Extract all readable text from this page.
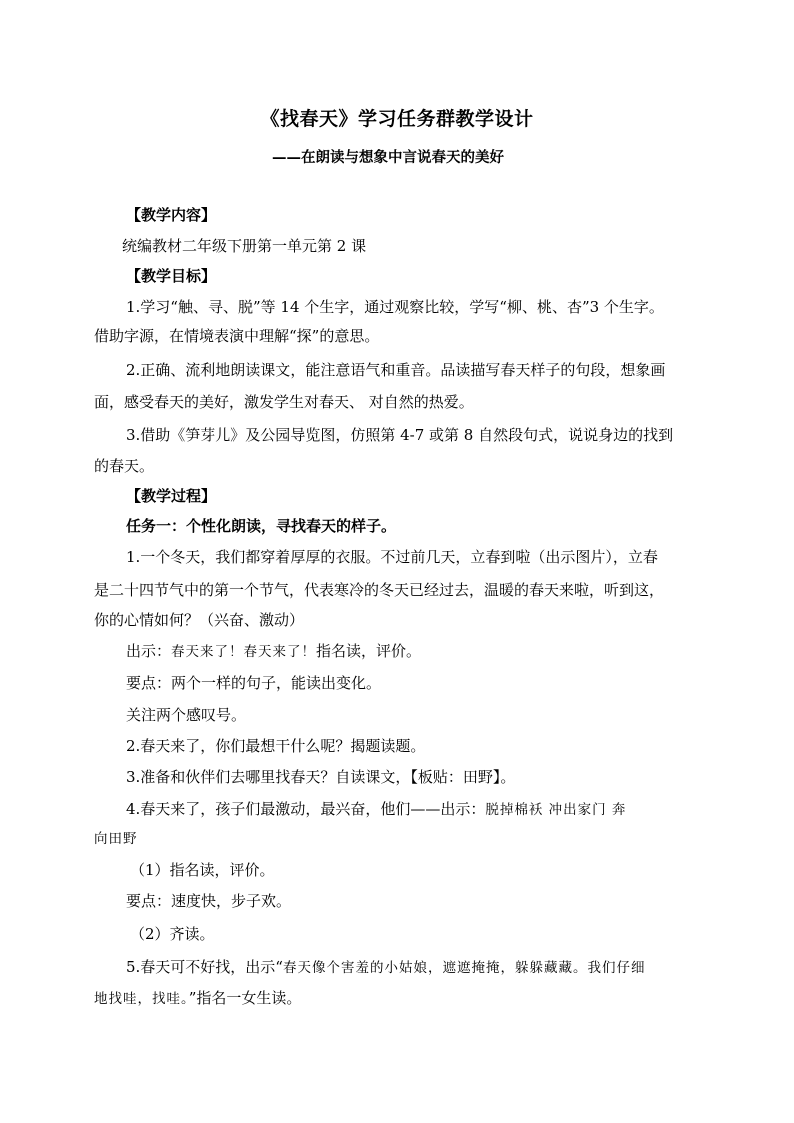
《找春天》学习任务群教学设计
——在朗读与想象中言说春天的美好
【教学内容】
统编教材二年级下册第一单元第 2 课
【教学目标】
1.学习“触、寻、脱”等 14 个生字，通过观察比较，学写“柳、桃、杏”3 个生字。
借助字源，在情境表演中理解“探”的意思。
2.正确、流利地朗读课文，能注意语气和重音。品读描写春天样子的句段，想象画
面，感受春天的美好，激发学生对春天、 对自然的热爱。
3.借助《笋芽儿》及公园导览图，仿照第 4-7 或第 8 自然段句式，说说身边的找到
的春天。
【教学过程】
任务一：个性化朗读，寻找春天的样子。
1.一个冬天，我们都穿着厚厚的衣服。不过前几天，立春到啦（出示图片），立春
是二十四节气中的第一个节气，代表寒冷的冬天已经过去，温暖的春天来啦，听到这，
你的心情如何？（兴奋、激动）
出示：春天来了！春天来了！指名读，评价。
要点：两个一样的句子，能读出变化。
关注两个感叹号。
2.春天来了，你们最想干什么呢？揭题读题。
3.准备和伙伴们去哪里找春天？自读课文，【板贴：田野】。
4.春天来了，孩子们最激动，最兴奋，他们——出示：脱掉棉袄 冲出家门 奔
向田野
（1）指名读，评价。
要点：速度快，步子欢。
（2）齐读。
5.春天可不好找，出示“春天像个害羞的小姑娘，遮遮掩掩，躲躲藏藏。我们仔细
地找哇，找哇。”指名一女生读。
